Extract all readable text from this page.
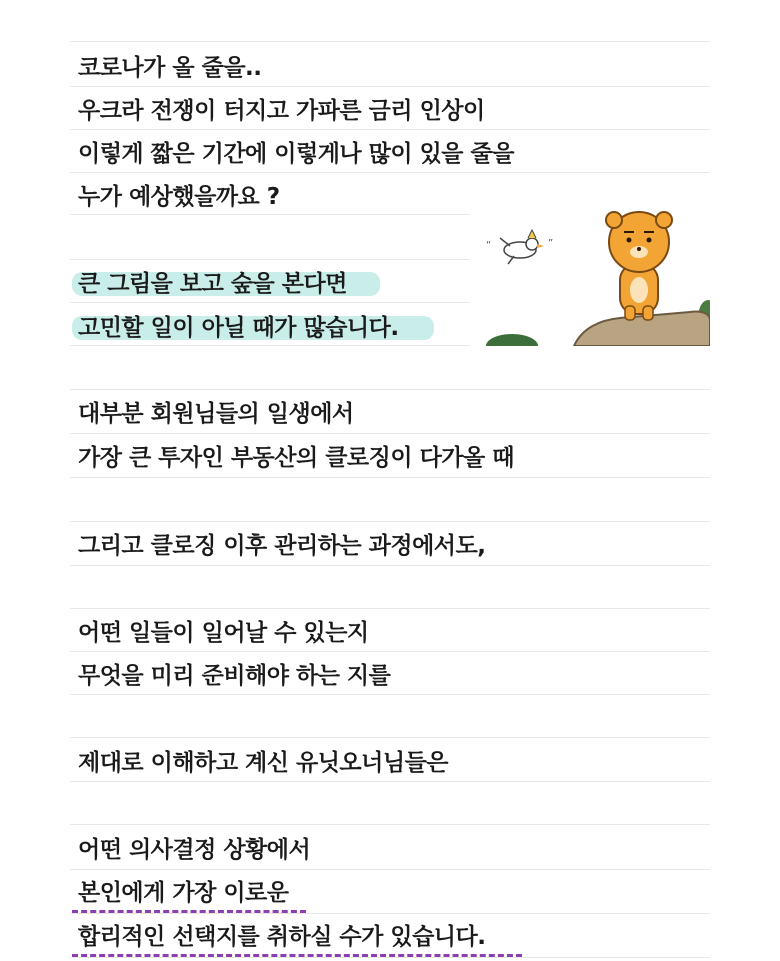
코로나가 올 줄을..
우크라 전쟁이 터지고 가파른 금리 인상이
이렇게 짧은 기간에 이렇게나 많이 있을 줄을
누가 예상했을까요 ?
큰 그림을 보고 숲을 본다면
고민할 일이 아닐 때가 많습니다.
대부분 회원님들의 일생에서
가장 큰 투자인 부동산의 클로징이 다가올 때
그리고 클로징 이후 관리하는 과정에서도,
어떤 일들이 일어날 수 있는지
무엇을 미리 준비해야 하는 지를
제대로 이해하고 계신 유닛오너님들은
어떤 의사결정 상황에서
본인에게 가장 이로운
합리적인 선택지를 취하실 수가 있습니다.
“	”
